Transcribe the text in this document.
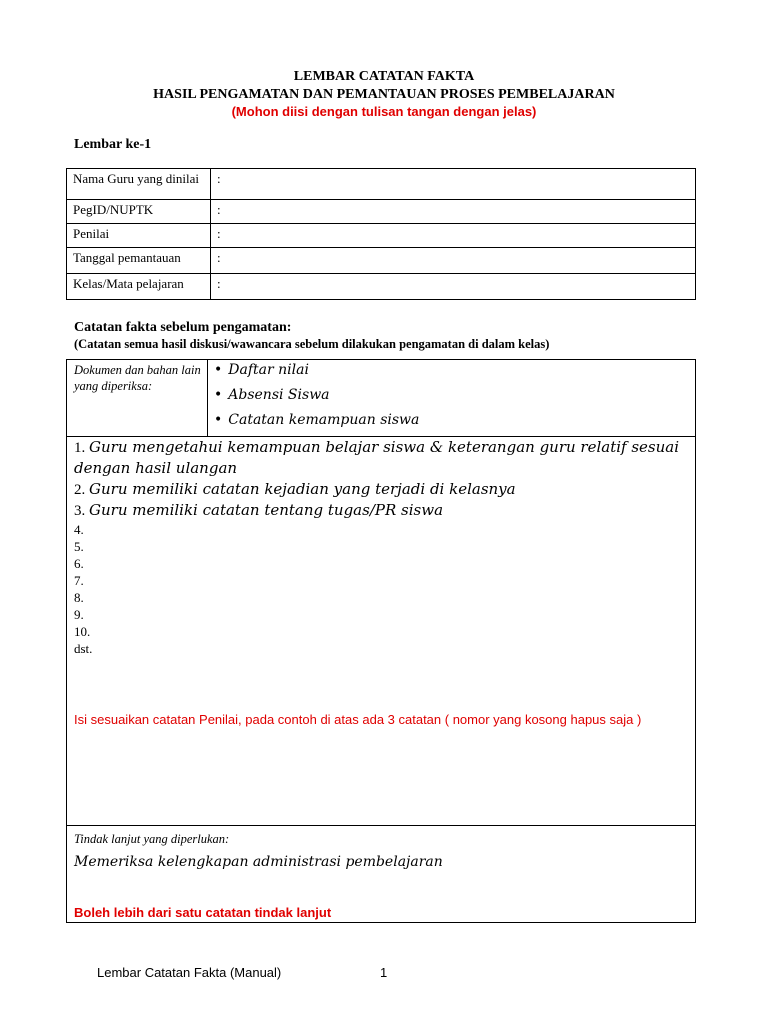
LEMBAR CATATAN FAKTA
HASIL PENGAMATAN DAN PEMANTAUAN PROSES PEMBELAJARAN
(Mohon diisi dengan tulisan tangan dengan jelas)
Lembar ke-1
Nama Guru yang dinilai	:
PegID/NUPTK	:
Penilai	:
Tanggal pemantauan	:
Kelas/Mata pelajaran	:
Catatan fakta sebelum pengamatan:
(Catatan semua hasil diskusi/wawancara sebelum dilakukan pengamatan di dalam kelas)
Dokumen dan bahan lain yang diperiksa:
• Daftar nilai
• Absensi Siswa
• Catatan kemampuan siswa
1. Guru mengetahui kemampuan belajar siswa & keterangan guru relatif sesuai dengan hasil ulangan
2. Guru memiliki catatan kejadian yang terjadi di kelasnya
3. Guru memiliki catatan tentang tugas/PR siswa
4.
5.
6.
7.
8.
9.
10.
dst.
Isi sesuaikan catatan Penilai, pada contoh di atas ada 3 catatan ( nomor yang kosong hapus saja )
Tindak lanjut yang diperlukan:
Memeriksa kelengkapan administrasi pembelajaran
Boleh lebih dari satu catatan tindak lanjut
Lembar Catatan Fakta (Manual)	1
